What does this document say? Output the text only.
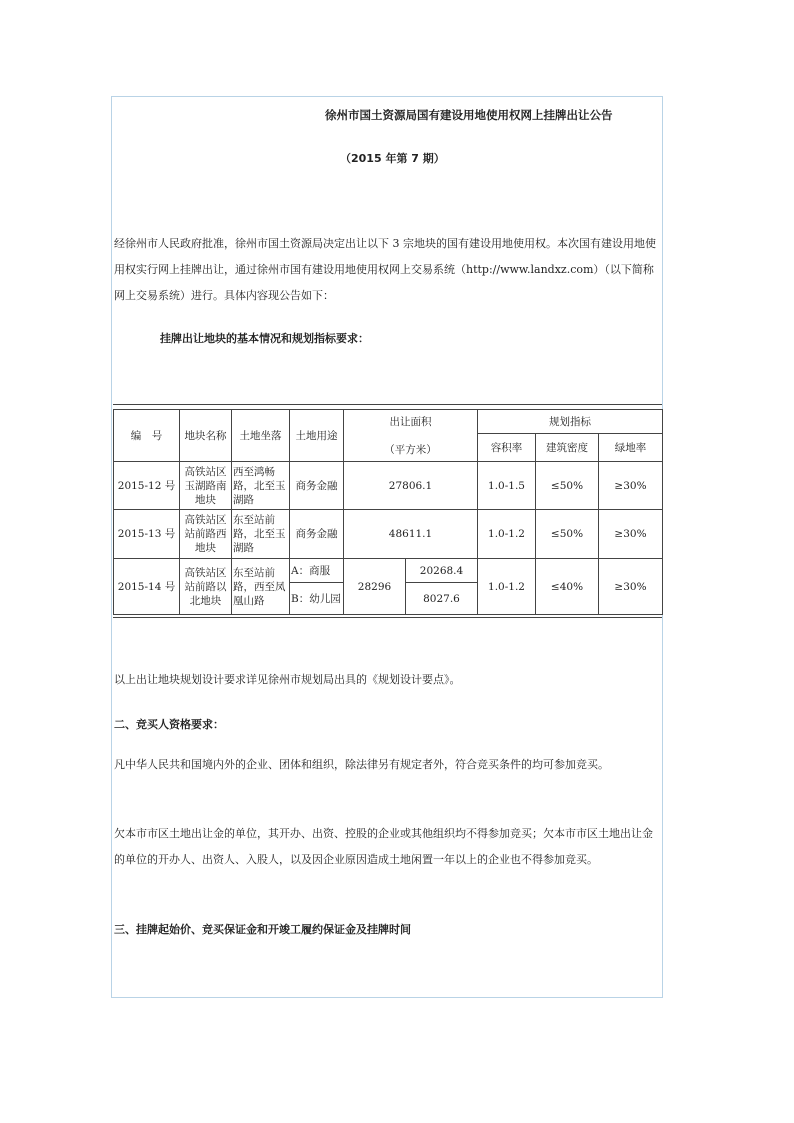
徐州市国土资源局国有建设用地使用权网上挂牌出让公告
（2015 年第 7 期）

经徐州市人民政府批准，徐州市国土资源局决定出让以下 3 宗地块的国有建设用地使用权。本次国有建设用地使用权实行网上挂牌出让，通过徐州市国有建设用地使用权网上交易系统（http://www.landxz.com）（以下简称网上交易系统）进行。具体内容现公告如下：

挂牌出让地块的基本情况和规划指标要求：

编　号	地块名称	土地坐落	土地用途	出让面积
（平方米）		规划指标		
						容积率	建筑密度	绿地率
2015-12 号	高铁站区玉湖路南地块	西至鸿畅路，北至玉湖路	商务金融	27806.1		1.0-1.5	≤50%	≥30%
2015-13 号	高铁站区站前路西地块	东至站前路，北至玉湖路	商务金融	48611.1		1.0-1.2	≤50%	≥30%
2015-14 号	高铁站区站前路以北地块	东至站前路，西至凤凰山路	A：商服	28296	20268.4	1.0-1.2	≤40%	≥30%
			B：幼儿园		8027.6			

以上出让地块规划设计要求详见徐州市规划局出具的《规划设计要点》。

二、竞买人资格要求：

凡中华人民共和国境内外的企业、团体和组织，除法律另有规定者外，符合竞买条件的均可参加竞买。

欠本市市区土地出让金的单位，其开办、出资、控股的企业或其他组织均不得参加竞买；欠本市市区土地出让金的单位的开办人、出资人、入股人，以及因企业原因造成土地闲置一年以上的企业也不得参加竞买。

三、挂牌起始价、竞买保证金和开竣工履约保证金及挂牌时间
